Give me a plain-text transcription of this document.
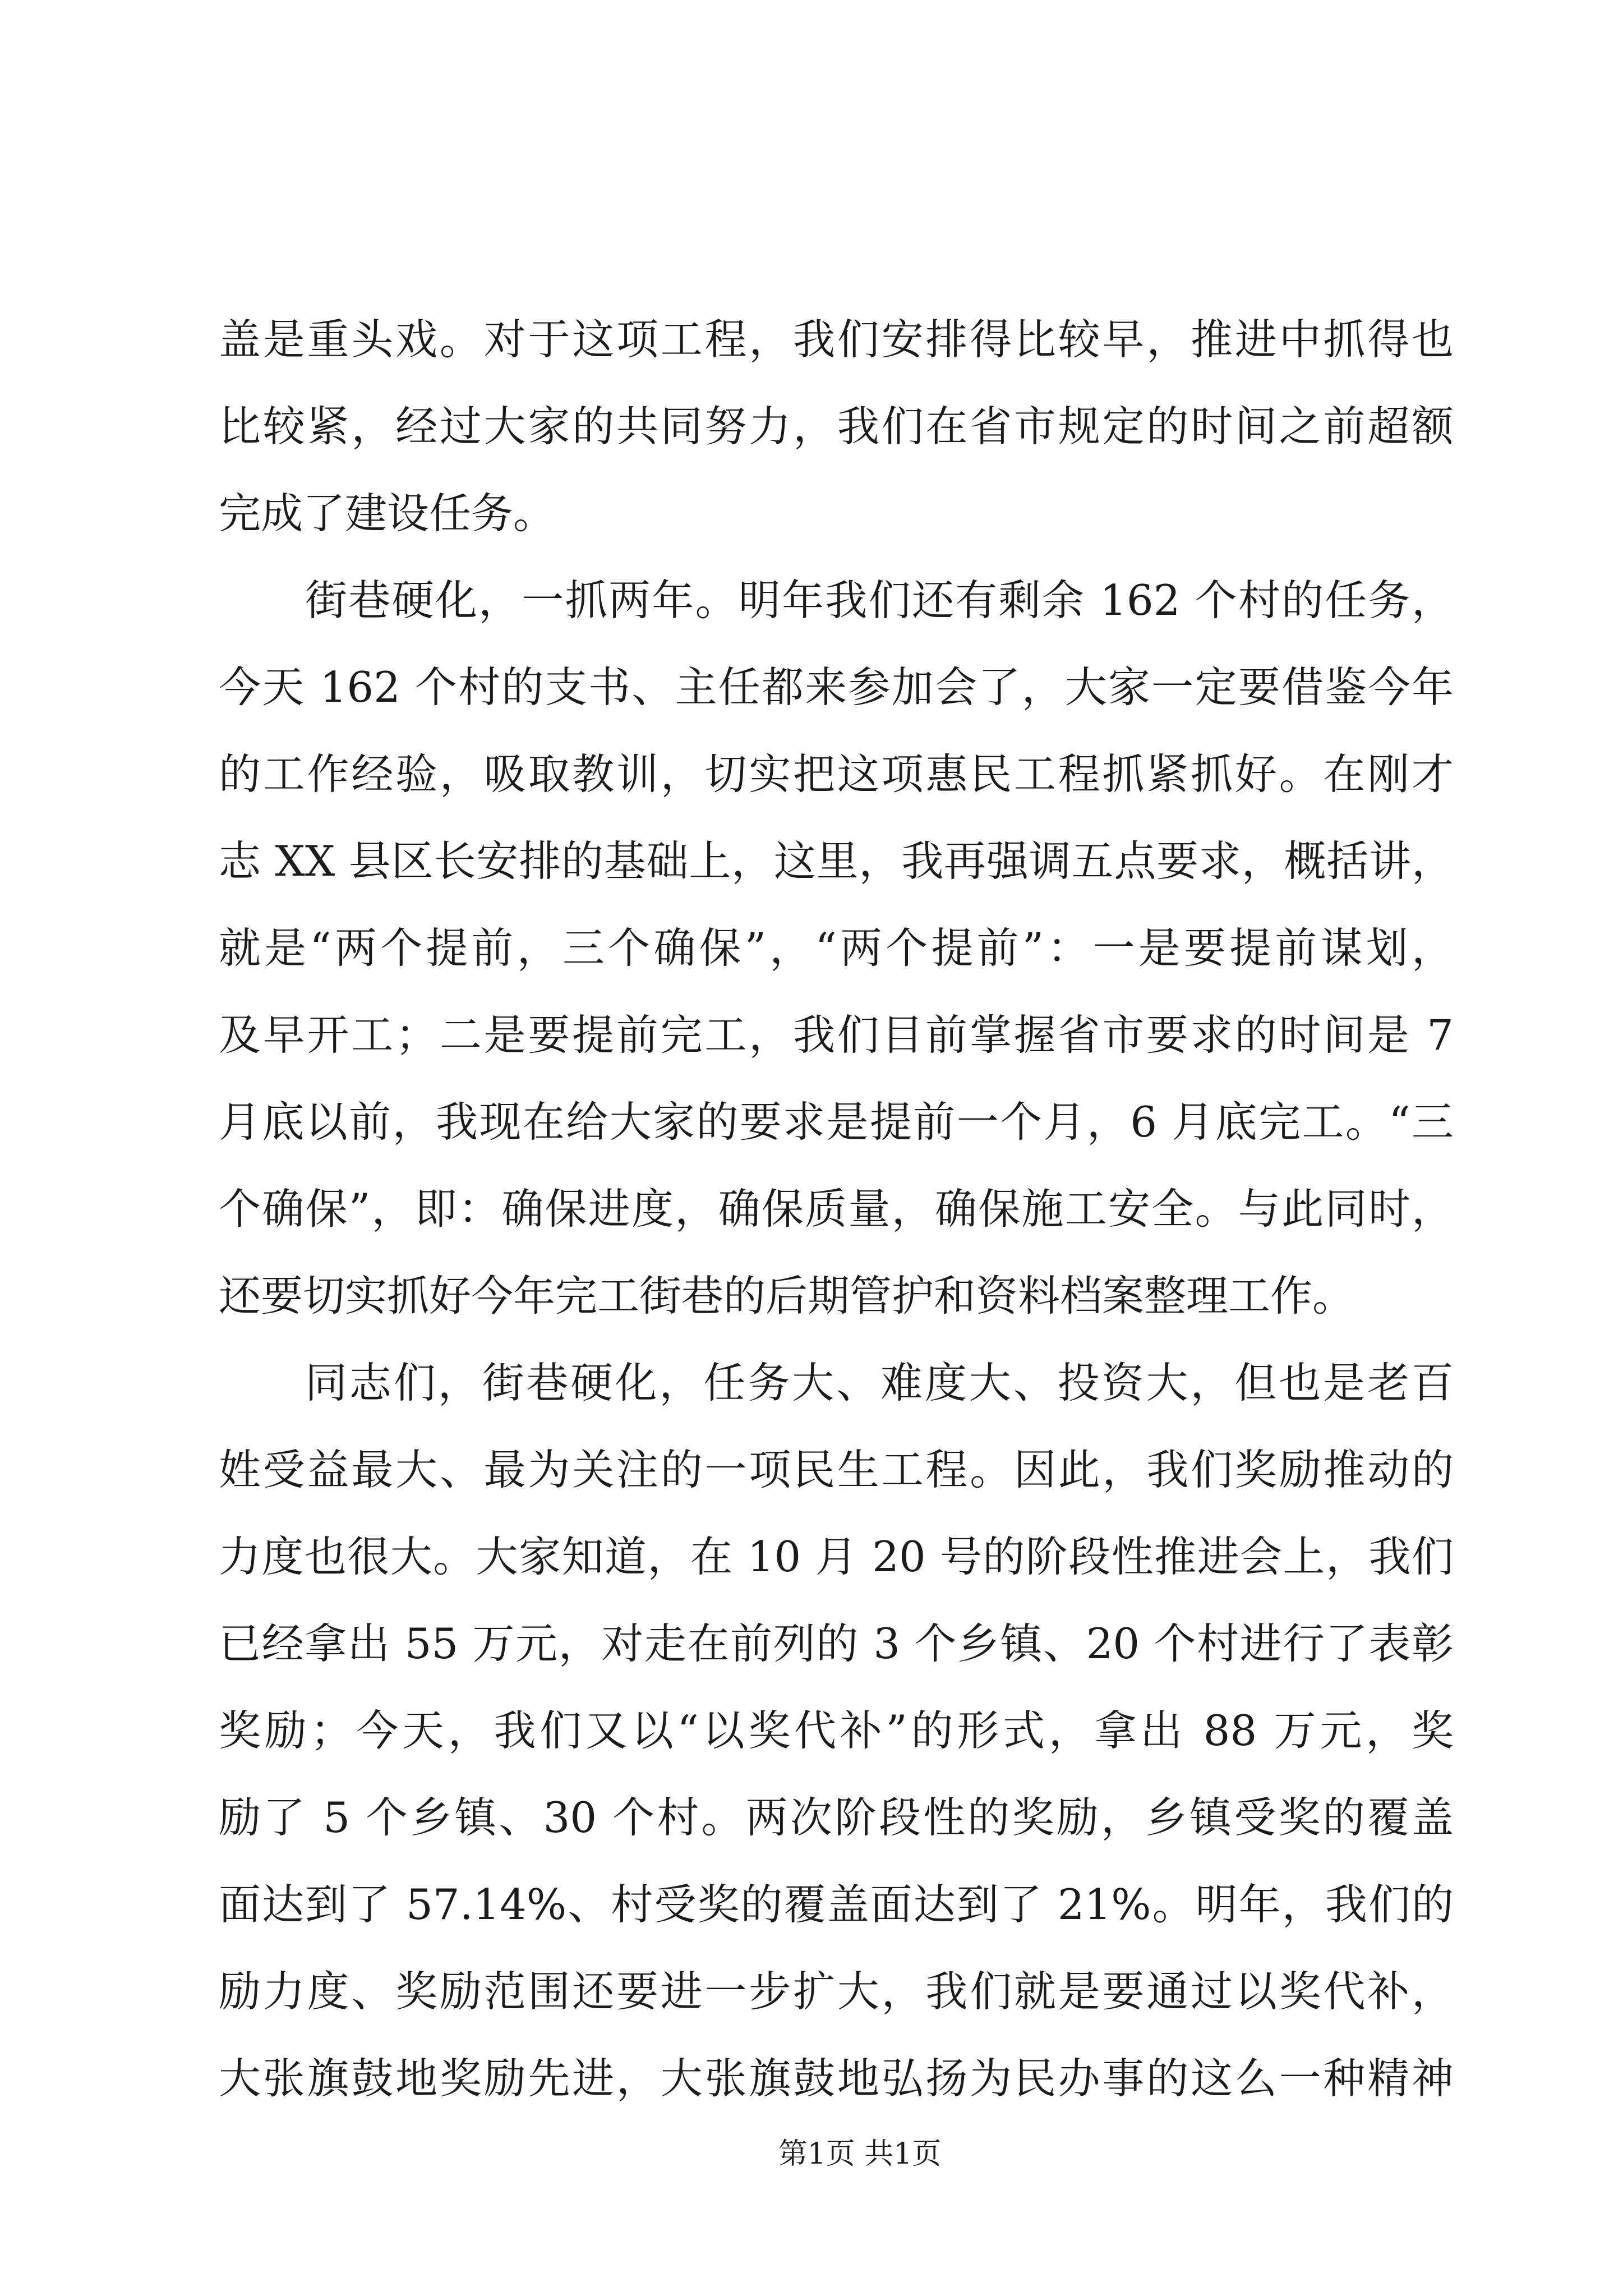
盖是重头戏。对于这项工程，我们安排得比较早，推进中抓得也
比较紧，经过大家的共同努力，我们在省市规定的时间之前超额
完成了建设任务。
街巷硬化，一抓两年。明年我们还有剩余 162 个村的任务，
今天 162 个村的支书、主任都来参加会了，大家一定要借鉴今年
的工作经验，吸取教训，切实把这项惠民工程抓紧抓好。在刚才
志 XX 县区长安排的基础上，这里，我再强调五点要求，概括讲，
就是“两个提前，三个确保”，“两个提前”：一是要提前谋划，
及早开工；二是要提前完工，我们目前掌握省市要求的时间是 7
月底以前，我现在给大家的要求是提前一个月，6 月底完工。“三
个确保”，即：确保进度，确保质量，确保施工安全。与此同时，
还要切实抓好今年完工街巷的后期管护和资料档案整理工作。
同志们，街巷硬化，任务大、难度大、投资大，但也是老百
姓受益最大、最为关注的一项民生工程。因此，我们奖励推动的
力度也很大。大家知道，在 10 月 20 号的阶段性推进会上，我们
已经拿出 55 万元，对走在前列的 3 个乡镇、20 个村进行了表彰
奖励；今天，我们又以“以奖代补”的形式，拿出 88 万元，奖
励了 5 个乡镇、30 个村。两次阶段性的奖励，乡镇受奖的覆盖
面达到了 57.14%、村受奖的覆盖面达到了 21%。明年，我们的
励力度、奖励范围还要进一步扩大，我们就是要通过以奖代补，
大张旗鼓地奖励先进，大张旗鼓地弘扬为民办事的这么一种精神
第1页 共1页
